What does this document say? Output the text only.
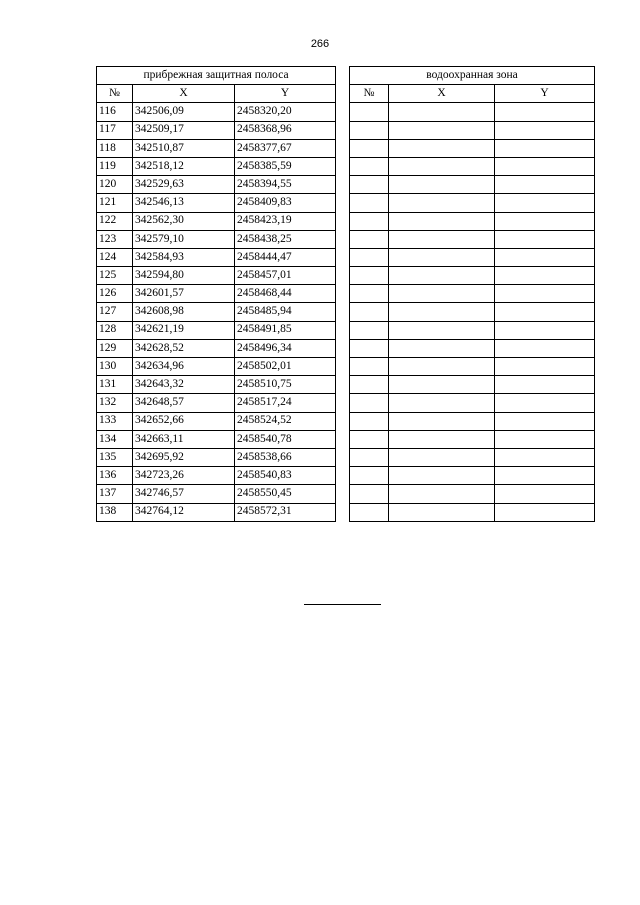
266
прибрежная защитная полоса				водоохранная зона		
№	X	Y		№	X	Y
116	342506,09	2458320,20				
117	342509,17	2458368,96				
118	342510,87	2458377,67				
119	342518,12	2458385,59				
120	342529,63	2458394,55				
121	342546,13	2458409,83				
122	342562,30	2458423,19				
123	342579,10	2458438,25				
124	342584,93	2458444,47				
125	342594,80	2458457,01				
126	342601,57	2458468,44				
127	342608,98	2458485,94				
128	342621,19	2458491,85				
129	342628,52	2458496,34				
130	342634,96	2458502,01				
131	342643,32	2458510,75				
132	342648,57	2458517,24				
133	342652,66	2458524,52				
134	342663,11	2458540,78				
135	342695,92	2458538,66				
136	342723,26	2458540,83				
137	342746,57	2458550,45				
138	342764,12	2458572,31				
